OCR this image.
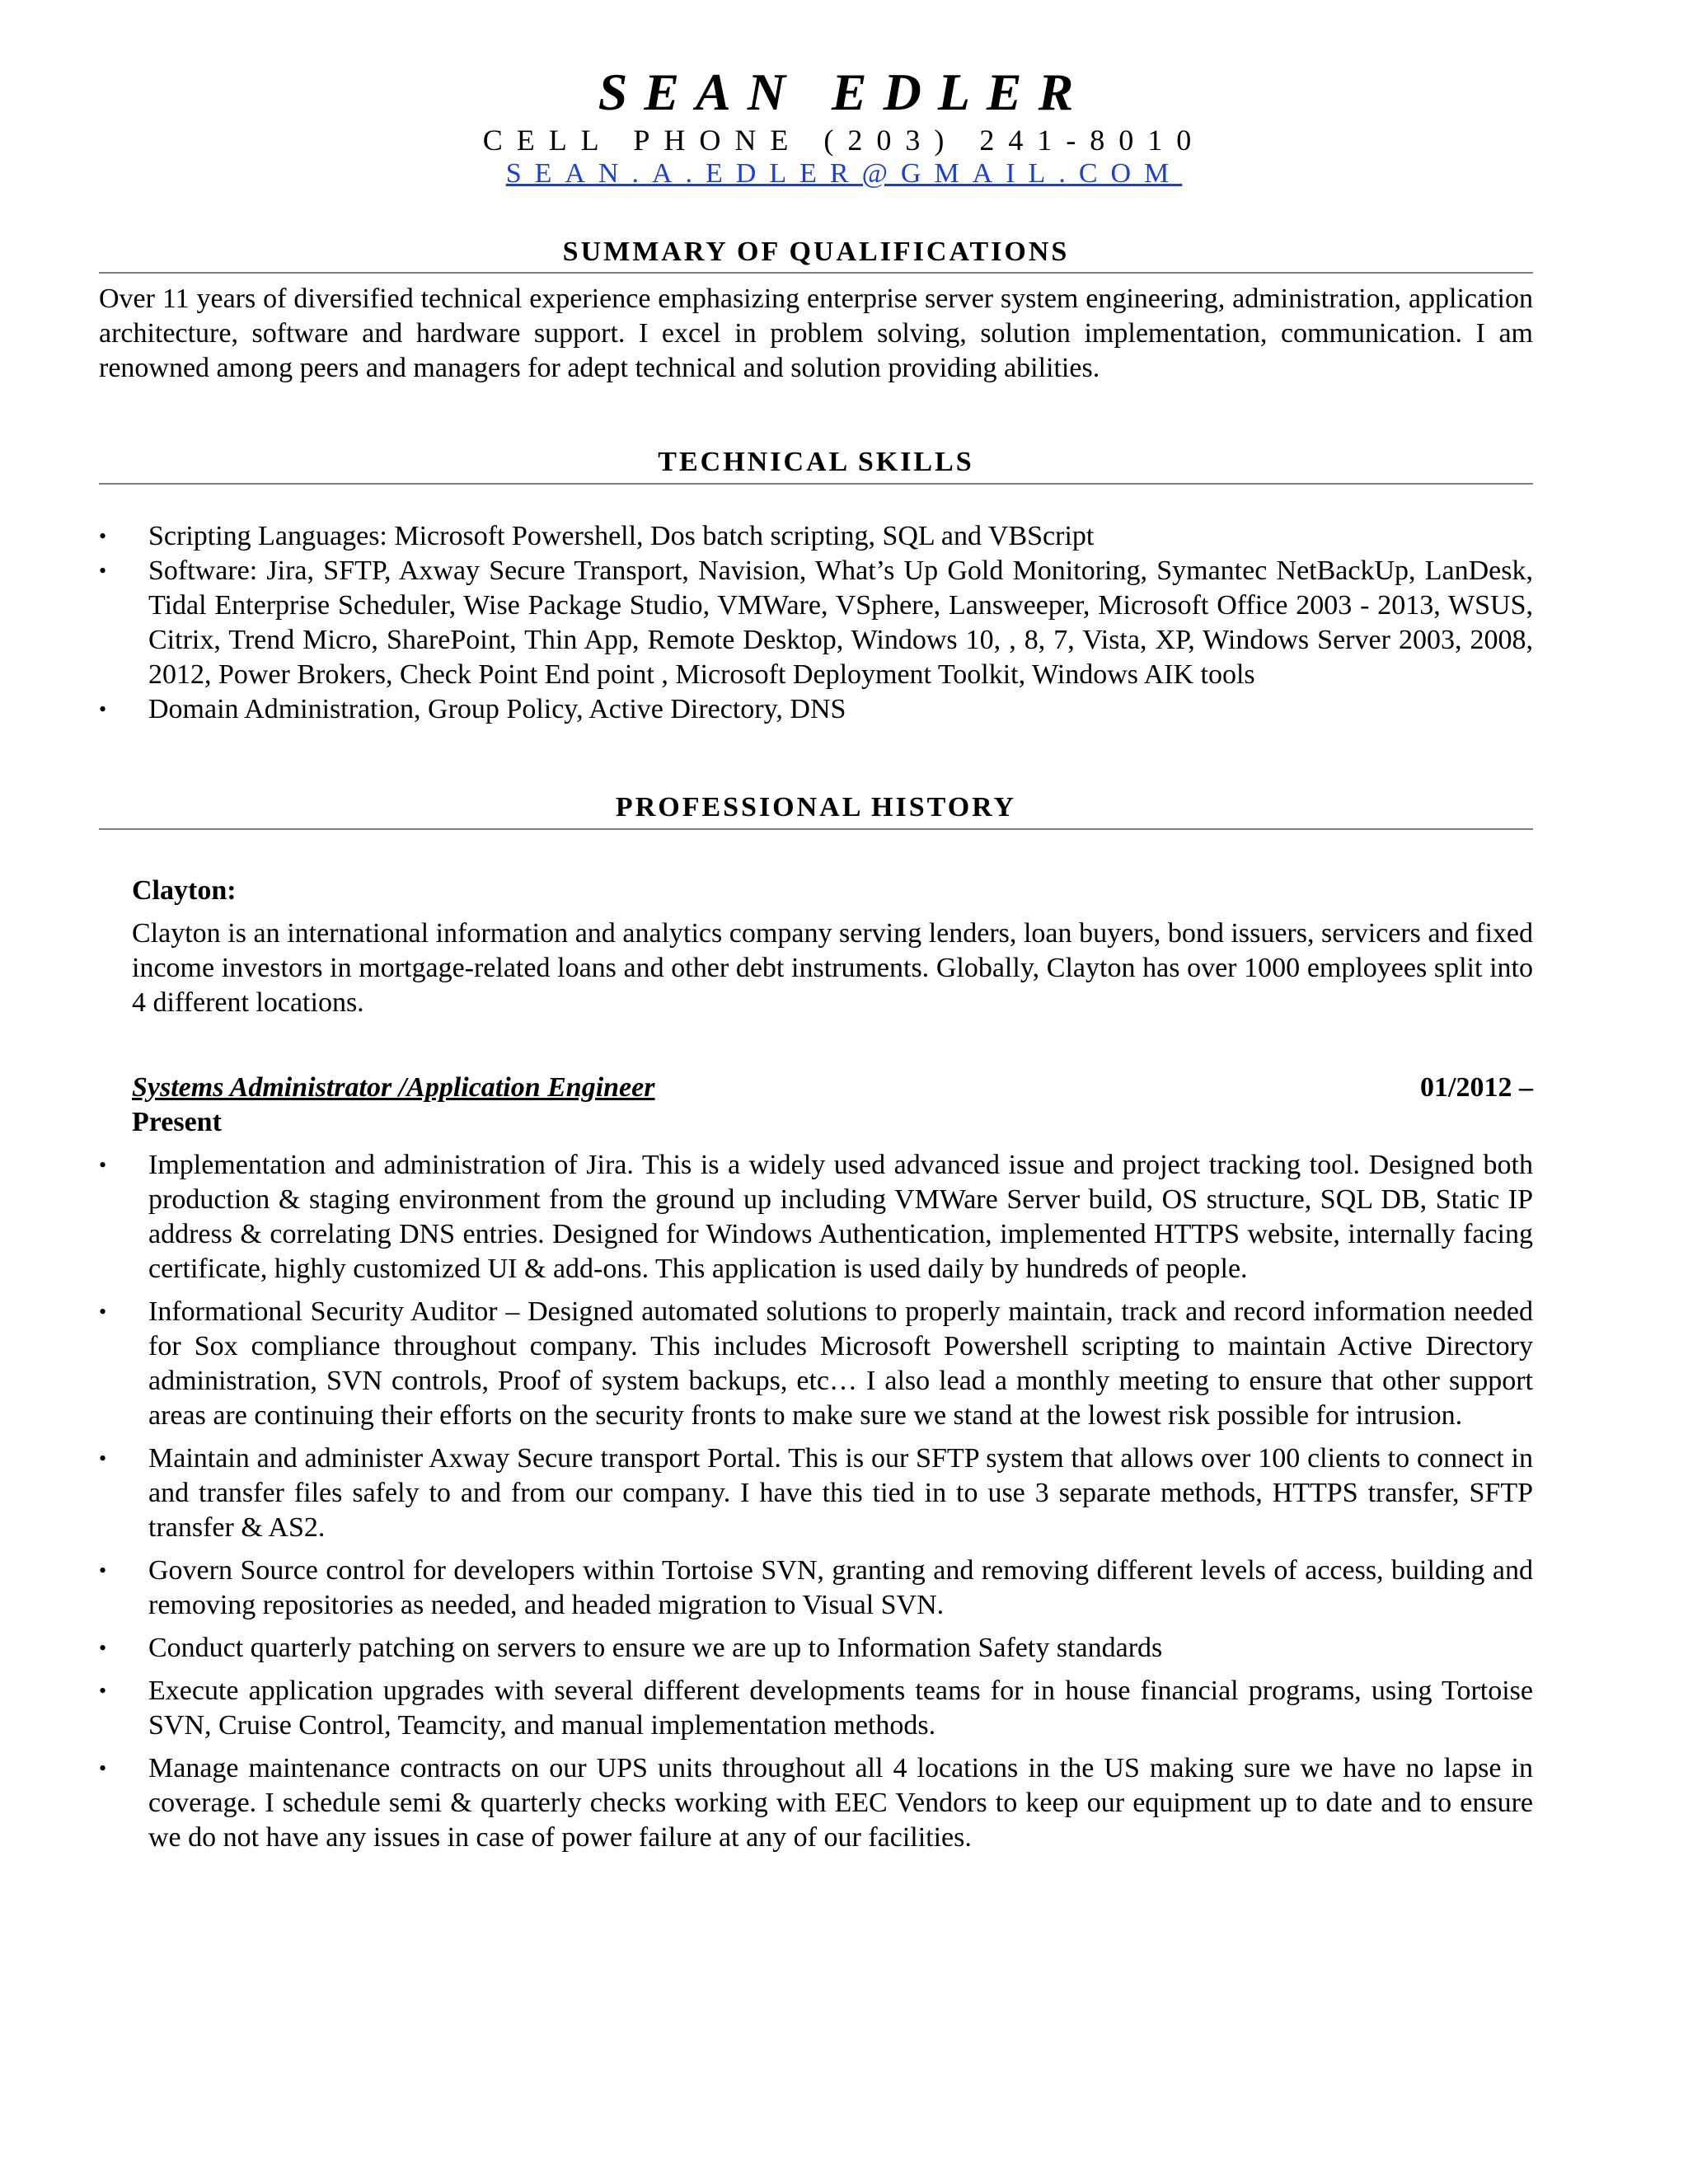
SEAN EDLER
CELL PHONE (203) 241-8010
SEAN.A.EDLER@GMAIL.COM
SUMMARY OF QUALIFICATIONS
Over 11 years of diversified technical experience emphasizing enterprise server system engineering, administration, application architecture, software and hardware support. I excel in problem solving, solution implementation, communication. I am renowned among peers and managers for adept technical and solution providing abilities.
TECHNICAL SKILLS
• Scripting Languages: Microsoft Powershell, Dos batch scripting, SQL and VBScript
• Software: Jira, SFTP, Axway Secure Transport, Navision, What’s Up Gold Monitoring, Symantec NetBackUp, LanDesk, Tidal Enterprise Scheduler, Wise Package Studio, VMWare, VSphere, Lansweeper, Microsoft Office 2003 - 2013, WSUS, Citrix, Trend Micro, SharePoint, Thin App, Remote Desktop, Windows 10, , 8, 7, Vista, XP, Windows Server 2003, 2008, 2012, Power Brokers, Check Point End point , Microsoft Deployment Toolkit, Windows AIK tools
• Domain Administration, Group Policy, Active Directory, DNS
PROFESSIONAL HISTORY
Clayton:
Clayton is an international information and analytics company serving lenders, loan buyers, bond issuers, servicers and fixed income investors in mortgage-related loans and other debt instruments. Globally, Clayton has over 1000 employees split into 4 different locations.
Systems Administrator /Application Engineer	01/2012 –
Present
• Implementation and administration of Jira. This is a widely used advanced issue and project tracking tool. Designed both production & staging environment from the ground up including VMWare Server build, OS structure, SQL DB, Static IP address & correlating DNS entries. Designed for Windows Authentication, implemented HTTPS website, internally facing certificate, highly customized UI & add-ons. This application is used daily by hundreds of people.
• Informational Security Auditor – Designed automated solutions to properly maintain, track and record information needed for Sox compliance throughout company. This includes Microsoft Powershell scripting to maintain Active Directory administration, SVN controls, Proof of system backups, etc… I also lead a monthly meeting to ensure that other support areas are continuing their efforts on the security fronts to make sure we stand at the lowest risk possible for intrusion.
• Maintain and administer Axway Secure transport Portal. This is our SFTP system that allows over 100 clients to connect in and transfer files safely to and from our company. I have this tied in to use 3 separate methods, HTTPS transfer, SFTP transfer & AS2.
• Govern Source control for developers within Tortoise SVN, granting and removing different levels of access, building and removing repositories as needed, and headed migration to Visual SVN.
• Conduct quarterly patching on servers to ensure we are up to Information Safety standards
• Execute application upgrades with several different developments teams for in house financial programs, using Tortoise SVN, Cruise Control, Teamcity, and manual implementation methods.
• Manage maintenance contracts on our UPS units throughout all 4 locations in the US making sure we have no lapse in coverage. I schedule semi & quarterly checks working with EEC Vendors to keep our equipment up to date and to ensure we do not have any issues in case of power failure at any of our facilities.
